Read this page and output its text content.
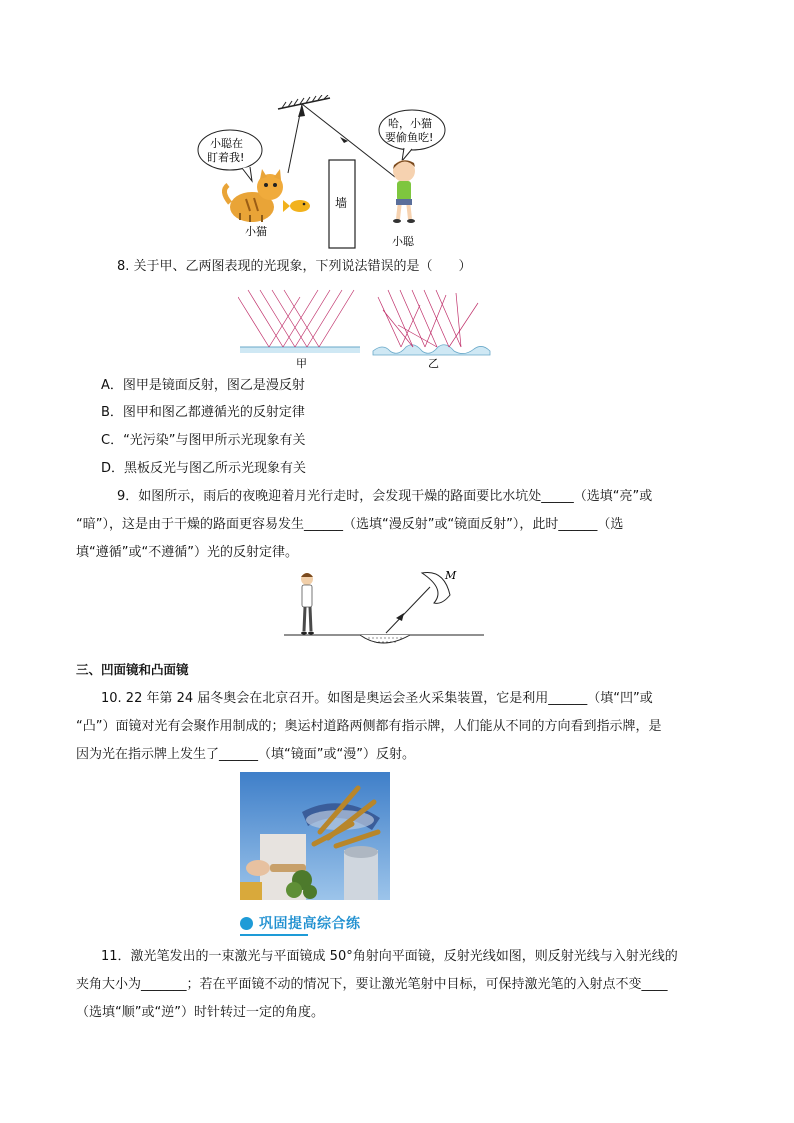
墙
小聪在
盯着我!
小猫
哈，小猫
要偷鱼吃!
小聪
8. 关于甲、乙两图表现的光现象，下列说法错误的是（　　）
甲	乙
A．图甲是镜面反射，图乙是漫反射
B．图甲和图乙都遵循光的反射定律
C．“光污染”与图甲所示光现象有关
D．黑板反光与图乙所示光现象有关
9．如图所示，雨后的夜晚迎着月光行走时，会发现干燥的路面要比水坑处_____（选填“亮”或
“暗”），这是由于干燥的路面更容易发生______（选填“漫反射”或“镜面反射”），此时______（选
填“遵循”或“不遵循”）光的反射定律。
M
三、凹面镜和凸面镜
10. 22 年第 24 届冬奥会在北京召开。如图是奥运会圣火采集装置，它是利用______（填“凹”或
“凸”）面镜对光有会聚作用制成的；奥运村道路两侧都有指示牌，人们能从不同的方向看到指示牌，是
因为光在指示牌上发生了______（填“镜面”或“漫”）反射。
巩固提高综合练
11．激光笔发出的一束激光与平面镜成 50°角射向平面镜，反射光线如图，则反射光线与入射光线的
夹角大小为_______；若在平面镜不动的情况下，要让激光笔射中目标，可保持激光笔的入射点不变____
（选填“顺”或“逆”）时针转过一定的角度。
